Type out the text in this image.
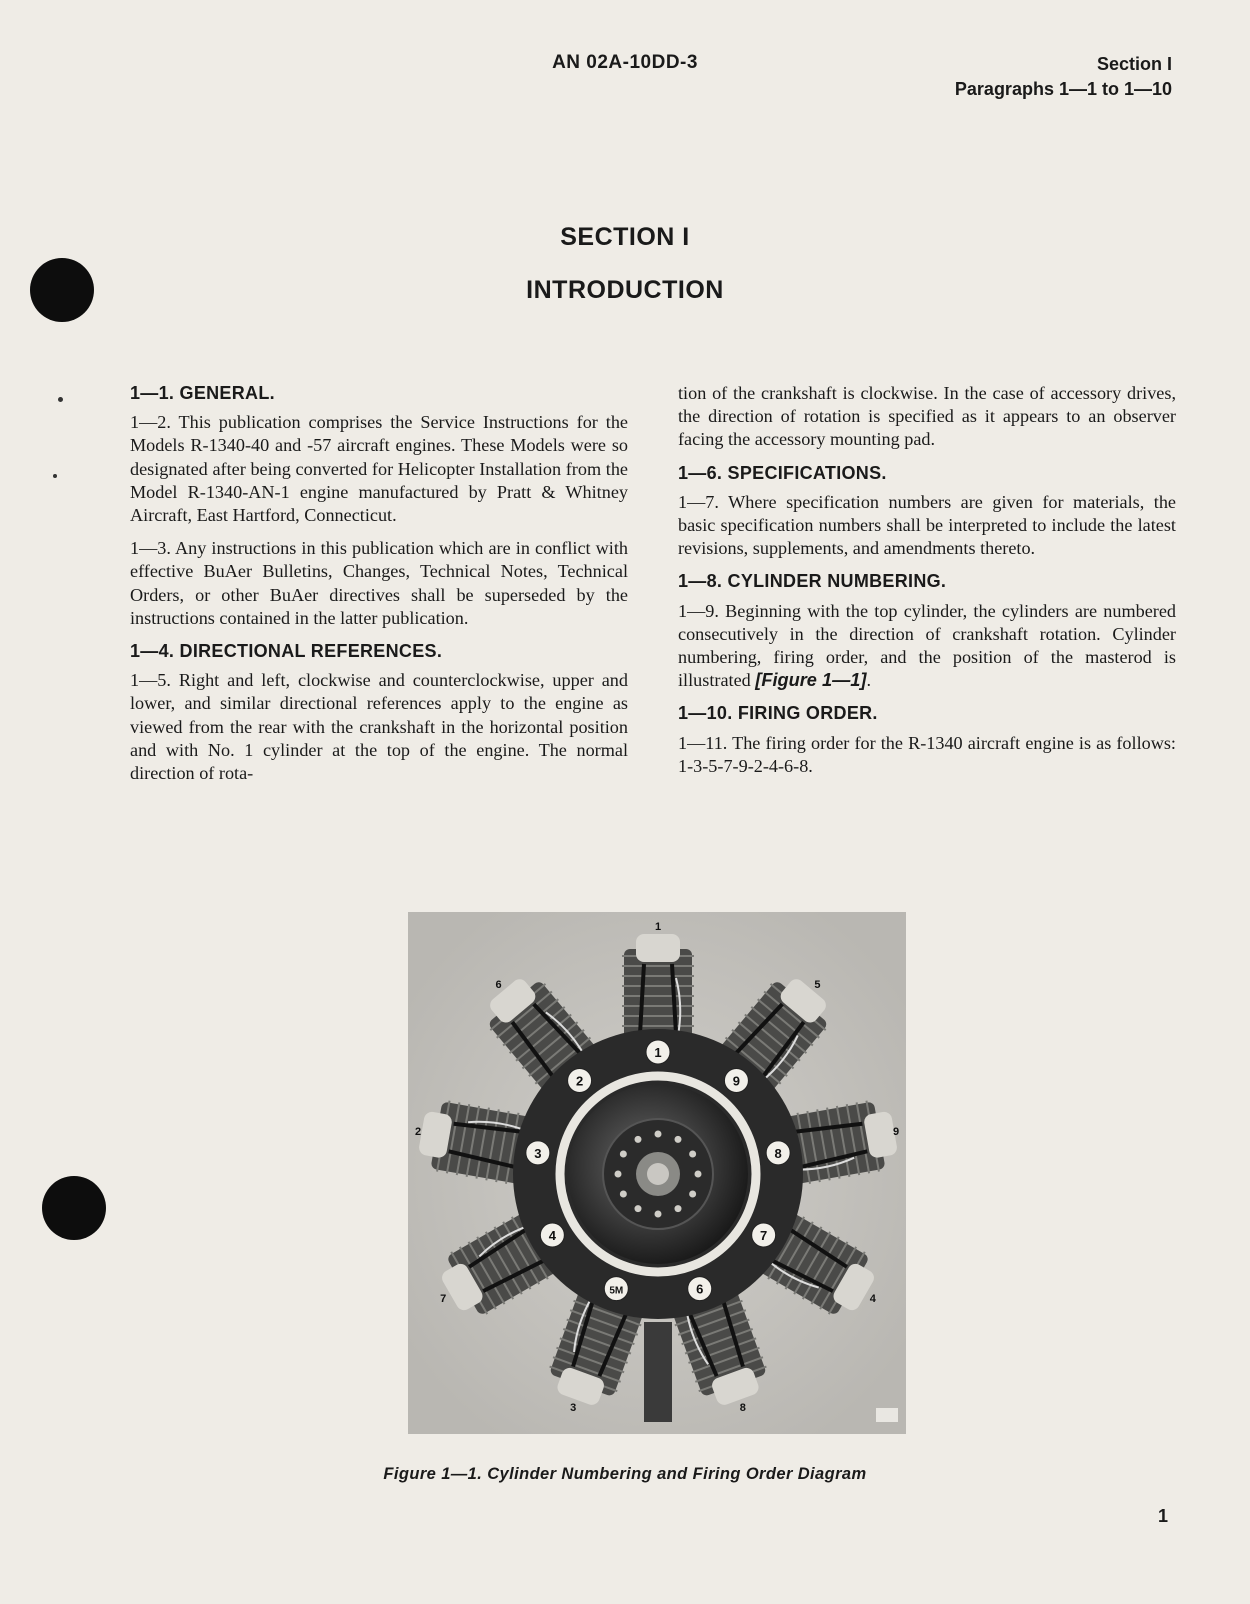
AN 02A-10DD-3	Section I
Paragraphs 1—1 to 1—10
SECTION I
INTRODUCTION
1—1. GENERAL.

1—2. This publication comprises the Service Instructions for the Models R-1340-40 and -57 aircraft engines. These Models were so designated after being converted for Helicopter Installation from the Model R-1340-AN-1 engine manufactured by Pratt & Whitney Aircraft, East Hartford, Connecticut.

1—3. Any instructions in this publication which are in conflict with effective BuAer Bulletins, Changes, Technical Notes, Technical Orders, or other BuAer directives shall be superseded by the instructions contained in the latter publication.

1—4. DIRECTIONAL REFERENCES.

1—5. Right and left, clockwise and counterclockwise, upper and lower, and similar directional references apply to the engine as viewed from the rear with the crankshaft in the horizontal position and with No. 1 cylinder at the top of the engine. The normal direction of rota-

tion of the crankshaft is clockwise. In the case of accessory drives, the direction of rotation is specified as it appears to an observer facing the accessory mounting pad.

1—6. SPECIFICATIONS.

1—7. Where specification numbers are given for materials, the basic specification numbers shall be interpreted to include the latest revisions, supplements, and amendments thereto.

1—8. CYLINDER NUMBERING.

1—9. Beginning with the top cylinder, the cylinders are numbered consecutively in the direction of crankshaft rotation. Cylinder numbering, firing order, and the position of the masterod is illustrated [Figure 1—1].

1—10. FIRING ORDER.

1—11. The firing order for the R-1340 aircraft engine is as follows: 1-3-5-7-9-2-4-6-8.

1
9
8
7
6
5M
4
3
2
1
5
9
4
8
3
7
2
6
Figure 1—1. Cylinder Numbering and Firing Order Diagram
1
